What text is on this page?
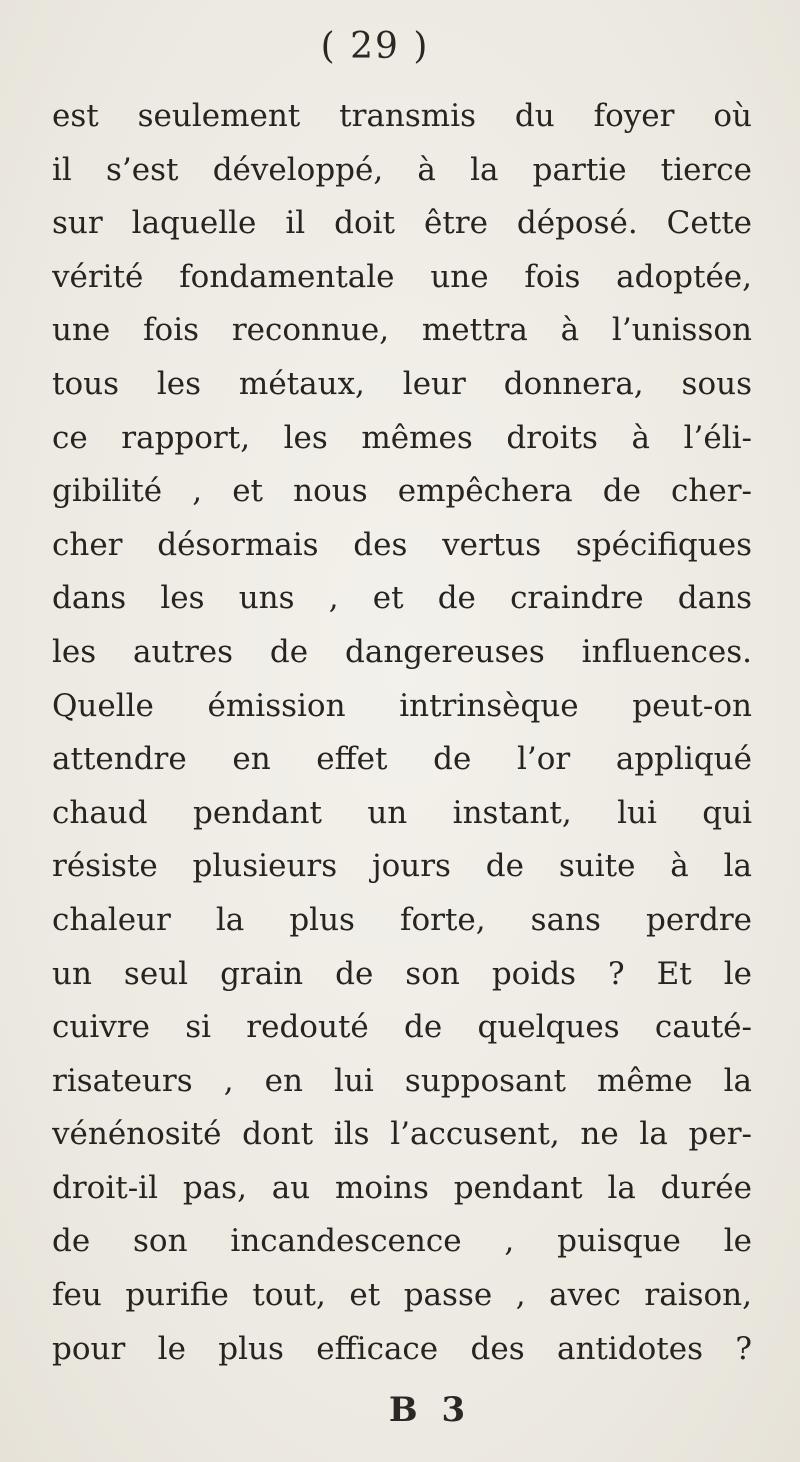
( 29 )
est seulement transmis du foyer où
il s’est développé, à la partie tierce
sur laquelle il doit être déposé. Cette
vérité fondamentale une fois adoptée,
une fois reconnue, mettra à l’unisson
tous les métaux, leur donnera, sous
ce rapport, les mêmes droits à l’éli-
gibilité , et nous empêchera de cher-
cher désormais des vertus spécifiques
dans les uns , et de craindre dans
les autres de dangereuses influences.
Quelle émission intrinsèque peut-on
attendre en effet de l’or appliqué
chaud pendant un instant, lui qui
résiste plusieurs jours de suite à la
chaleur la plus forte, sans perdre
un seul grain de son poids ? Et le
cuivre si redouté de quelques cauté-
risateurs , en lui supposant même la
vénénosité dont ils l’accusent, ne la per-
droit-il pas, au moins pendant la durée
de son incandescence , puisque le
feu purifie tout, et passe , avec raison,
pour le plus efficace des antidotes ?
B 3
